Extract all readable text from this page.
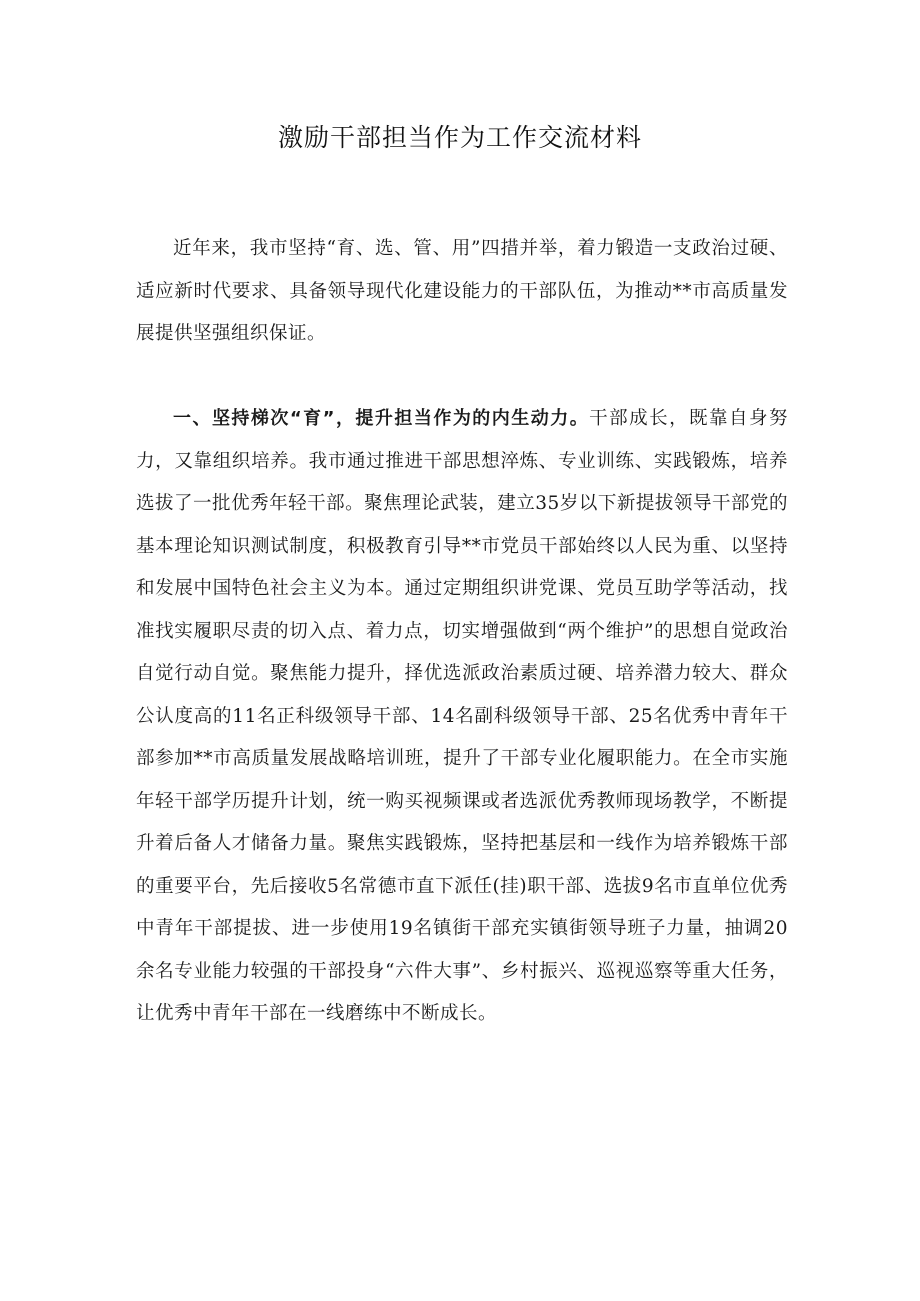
激励干部担当作为工作交流材料

近年来，我市坚持“育、选、管、用”四措并举，着力锻造一支政治过硬、适应新时代要求、具备领导现代化建设能力的干部队伍，为推动**市高质量发展提供坚强组织保证。

一、坚持梯次“育”，提升担当作为的内生动力。干部成长，既靠自身努力，又靠组织培养。我市通过推进干部思想淬炼、专业训练、实践锻炼，培养选拔了一批优秀年轻干部。聚焦理论武装，建立35岁以下新提拔领导干部党的基本理论知识测试制度，积极教育引导**市党员干部始终以人民为重、以坚持和发展中国特色社会主义为本。通过定期组织讲党课、党员互助学等活动，找准找实履职尽责的切入点、着力点，切实增强做到“两个维护”的思想自觉政治自觉行动自觉。聚焦能力提升，择优选派政治素质过硬、培养潜力较大、群众公认度高的11名正科级领导干部、14名副科级领导干部、25名优秀中青年干部参加**市高质量发展战略培训班，提升了干部专业化履职能力。在全市实施年轻干部学历提升计划，统一购买视频课或者选派优秀教师现场教学，不断提升着后备人才储备力量。聚焦实践锻炼，坚持把基层和一线作为培养锻炼干部的重要平台，先后接收5名常德市直下派任(挂)职干部、选拔9名市直单位优秀中青年干部提拔、进一步使用19名镇街干部充实镇街领导班子力量，抽调20余名专业能力较强的干部投身“六件大事”、乡村振兴、巡视巡察等重大任务，让优秀中青年干部在一线磨练中不断成长。
